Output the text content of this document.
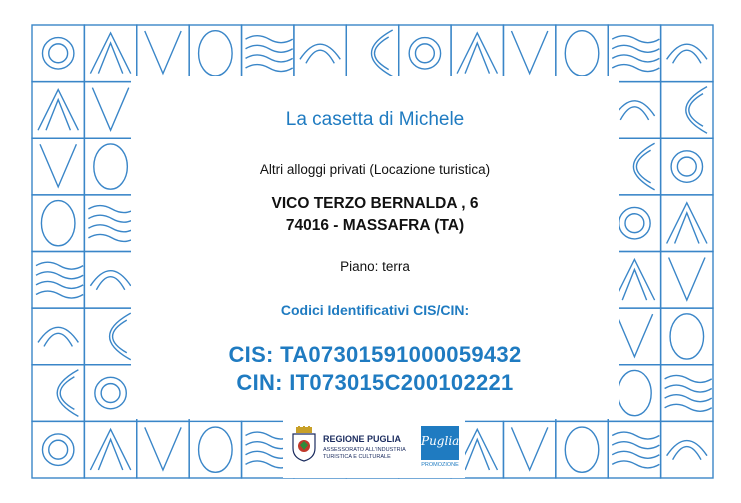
La casetta di Michele
Altri alloggi privati (Locazione turistica)
VICO TERZO BERNALDA , 6
74016 - MASSAFRA (TA)
Piano: terra
Codici Identificativi CIS/CIN:
CIS: TA07301591000059432
CIN: IT073015C200102221
REGIONE PUGLIA
ASSESSORATO ALL'INDUSTRIA
TURISTICA E CULTURALE
Puglia
PROMOZIONE
